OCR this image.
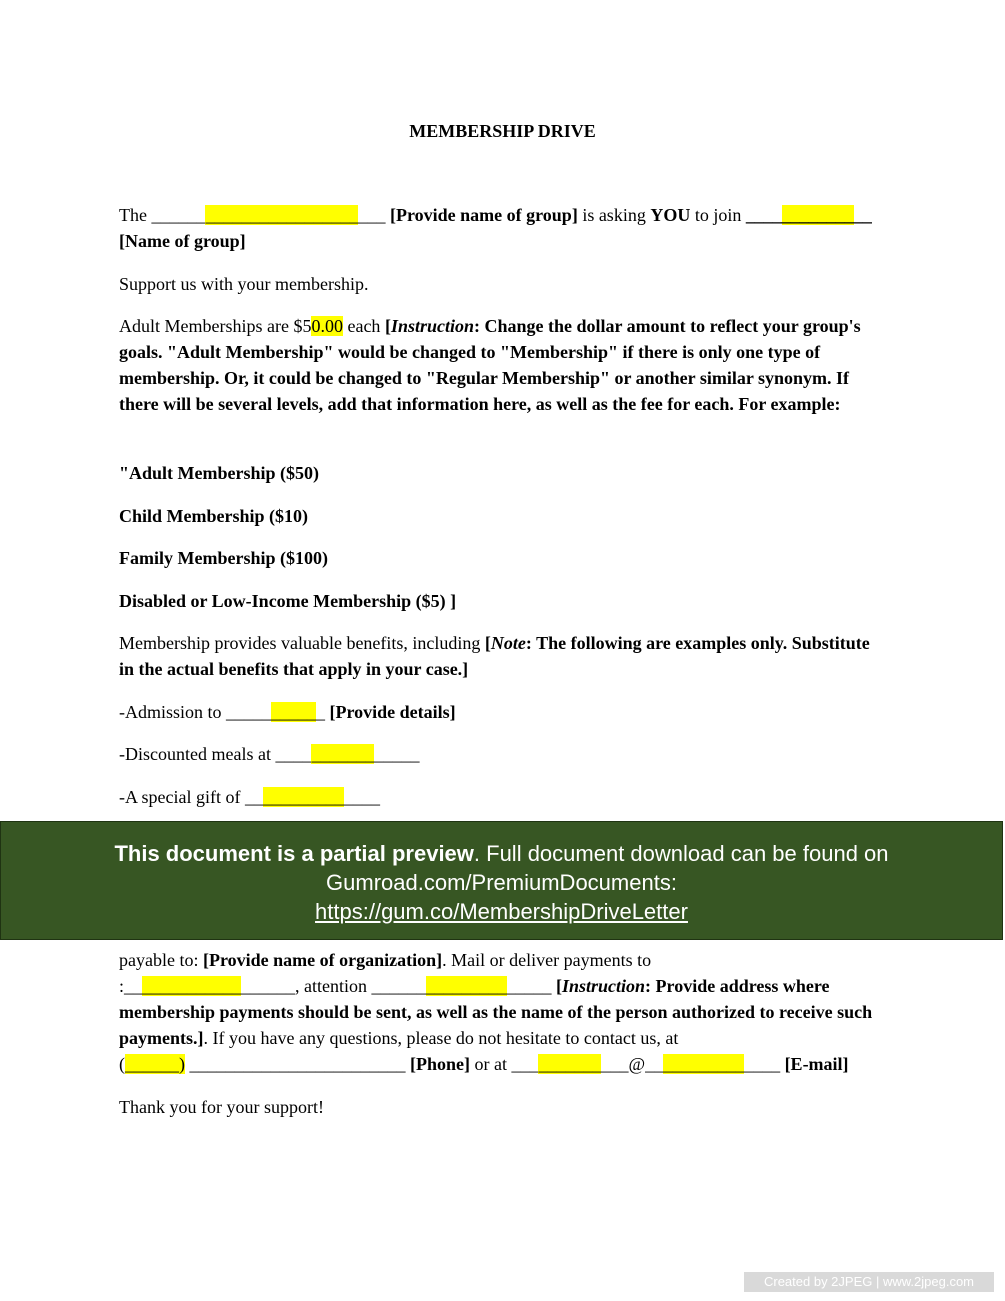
MEMBERSHIP DRIVE

The __________________________ [Provide name of group] is asking YOU to join ______________
[Name of group]

Support us with your membership.

Adult Memberships are $50.00 each [Instruction: Change the dollar amount to reflect your group's goals. "Adult Membership" would be changed to "Membership" if there is only one type of membership. Or, it could be changed to "Regular Membership" or another similar synonym. If there will be several levels, add that information here, as well as the fee for each. For example:

"Adult Membership ($50)

Child Membership ($10)

Family Membership ($100)

Disabled or Low-Income Membership ($5) ]

Membership provides valuable benefits, including [Note: The following are examples only. Substitute in the actual benefits that apply in your case.]

-Admission to ___________ [Provide details]

-Discounted meals at ________________

-A special gift of _______________

payable to: [Provide name of organization]. Mail or deliver payments to
:___________________, attention ____________________ [Instruction: Provide address where membership payments should be sent, as well as the name of the person authorized to receive such payments.]. If you have any questions, please do not hesitate to contact us, at
(______) ________________________ [Phone] or at _____________@_______________ [E-mail]

Thank you for your support!

This document is a partial preview. Full document download can be found on
Gumroad.com/PremiumDocuments:
https://gum.co/MembershipDriveLetter
Created by 2JPEG | www.2jpeg.com
